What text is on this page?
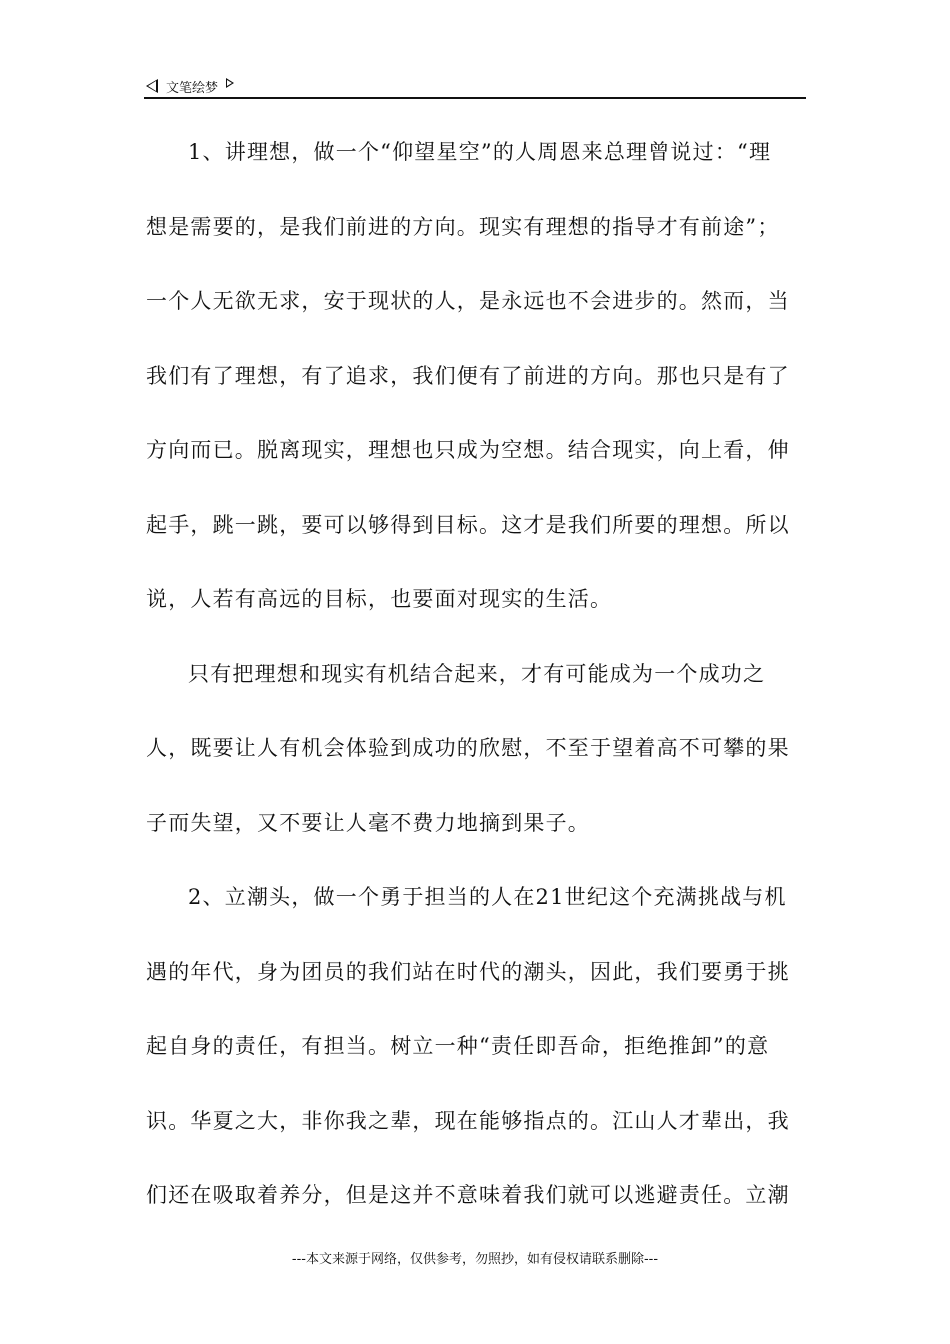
文笔绘梦
1、讲理想，做一个“仰望星空”的人周恩来总理曾说过：“理
想是需要的，是我们前进的方向。现实有理想的指导才有前途”；
一个人无欲无求，安于现状的人，是永远也不会进步的。然而，当
我们有了理想，有了追求，我们便有了前进的方向。那也只是有了
方向而已。脱离现实，理想也只成为空想。结合现实，向上看，伸
起手，跳一跳，要可以够得到目标。这才是我们所要的理想。所以
说，人若有高远的目标，也要面对现实的生活。
只有把理想和现实有机结合起来，才有可能成为一个成功之
人，既要让人有机会体验到成功的欣慰，不至于望着高不可攀的果
子而失望，又不要让人毫不费力地摘到果子。
2、立潮头，做一个勇于担当的人在21世纪这个充满挑战与机
遇的年代，身为团员的我们站在时代的潮头，因此，我们要勇于挑
起自身的责任，有担当。树立一种“责任即吾命，拒绝推卸”的意
识。华夏之大，非你我之辈，现在能够指点的。江山人才辈出，我
们还在吸取着养分，但是这并不意味着我们就可以逃避责任。立潮
---本文来源于网络，仅供参考，勿照抄，如有侵权请联系删除---
